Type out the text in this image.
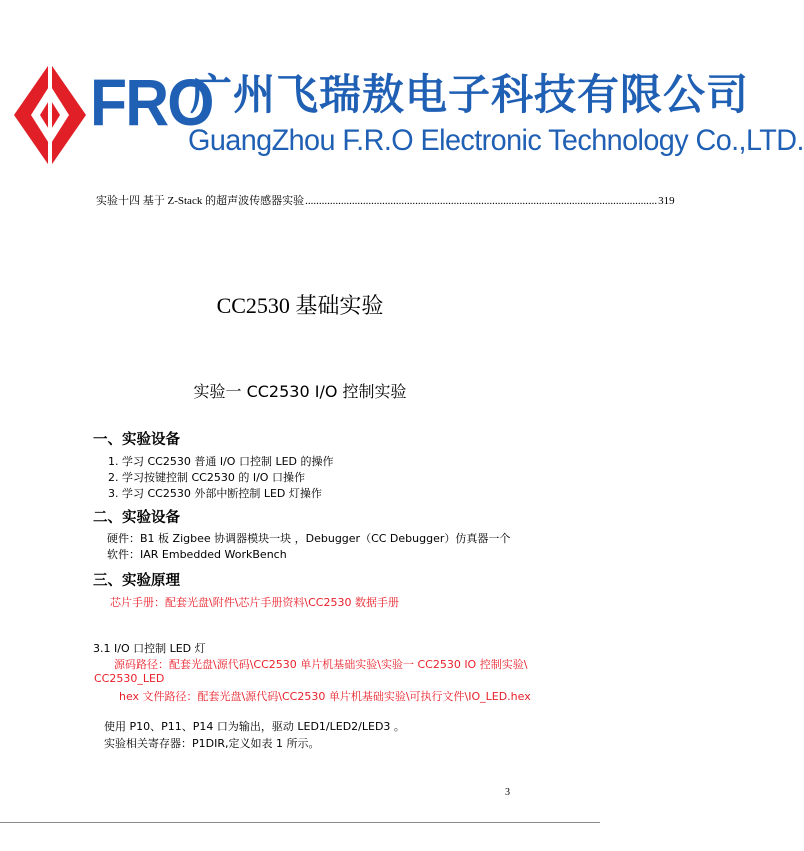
FRO
广州飞瑞敖电子科技有限公司
GuangZhou F.R.O Electronic Technology Co.,LTD.
实验十四 基于 Z-Stack 的超声波传感器实验
.....	319
CC2530 基础实验
实验一 CC2530 I/O 控制实验
一、实验设备
1. 学习 CC2530 普通 I/O 口控制 LED 的操作
2. 学习按键控制 CC2530 的 I/O 口操作
3. 学习 CC2530 外部中断控制 LED 灯操作
二、实验设备
硬件：B1 板 Zigbee 协调器模块一块 ，Debugger（CC Debugger）仿真器一个
软件：IAR Embedded WorkBench
三、实验原理
芯片手册：配套光盘\附件\芯片手册资料\CC2530 数据手册
3.1 I/O 口控制 LED 灯
源码路径：配套光盘\源代码\CC2530 单片机基础实验\实验一 CC2530 IO 控制实验\
CC2530_LED
hex 文件路径：配套光盘\源代码\CC2530 单片机基础实验\可执行文件\IO_LED.hex
使用 P10、P11、P14 口为输出，驱动 LED1/LED2/LED3 。
实验相关寄存器：P1DIR,定义如表 1 所示。
3
